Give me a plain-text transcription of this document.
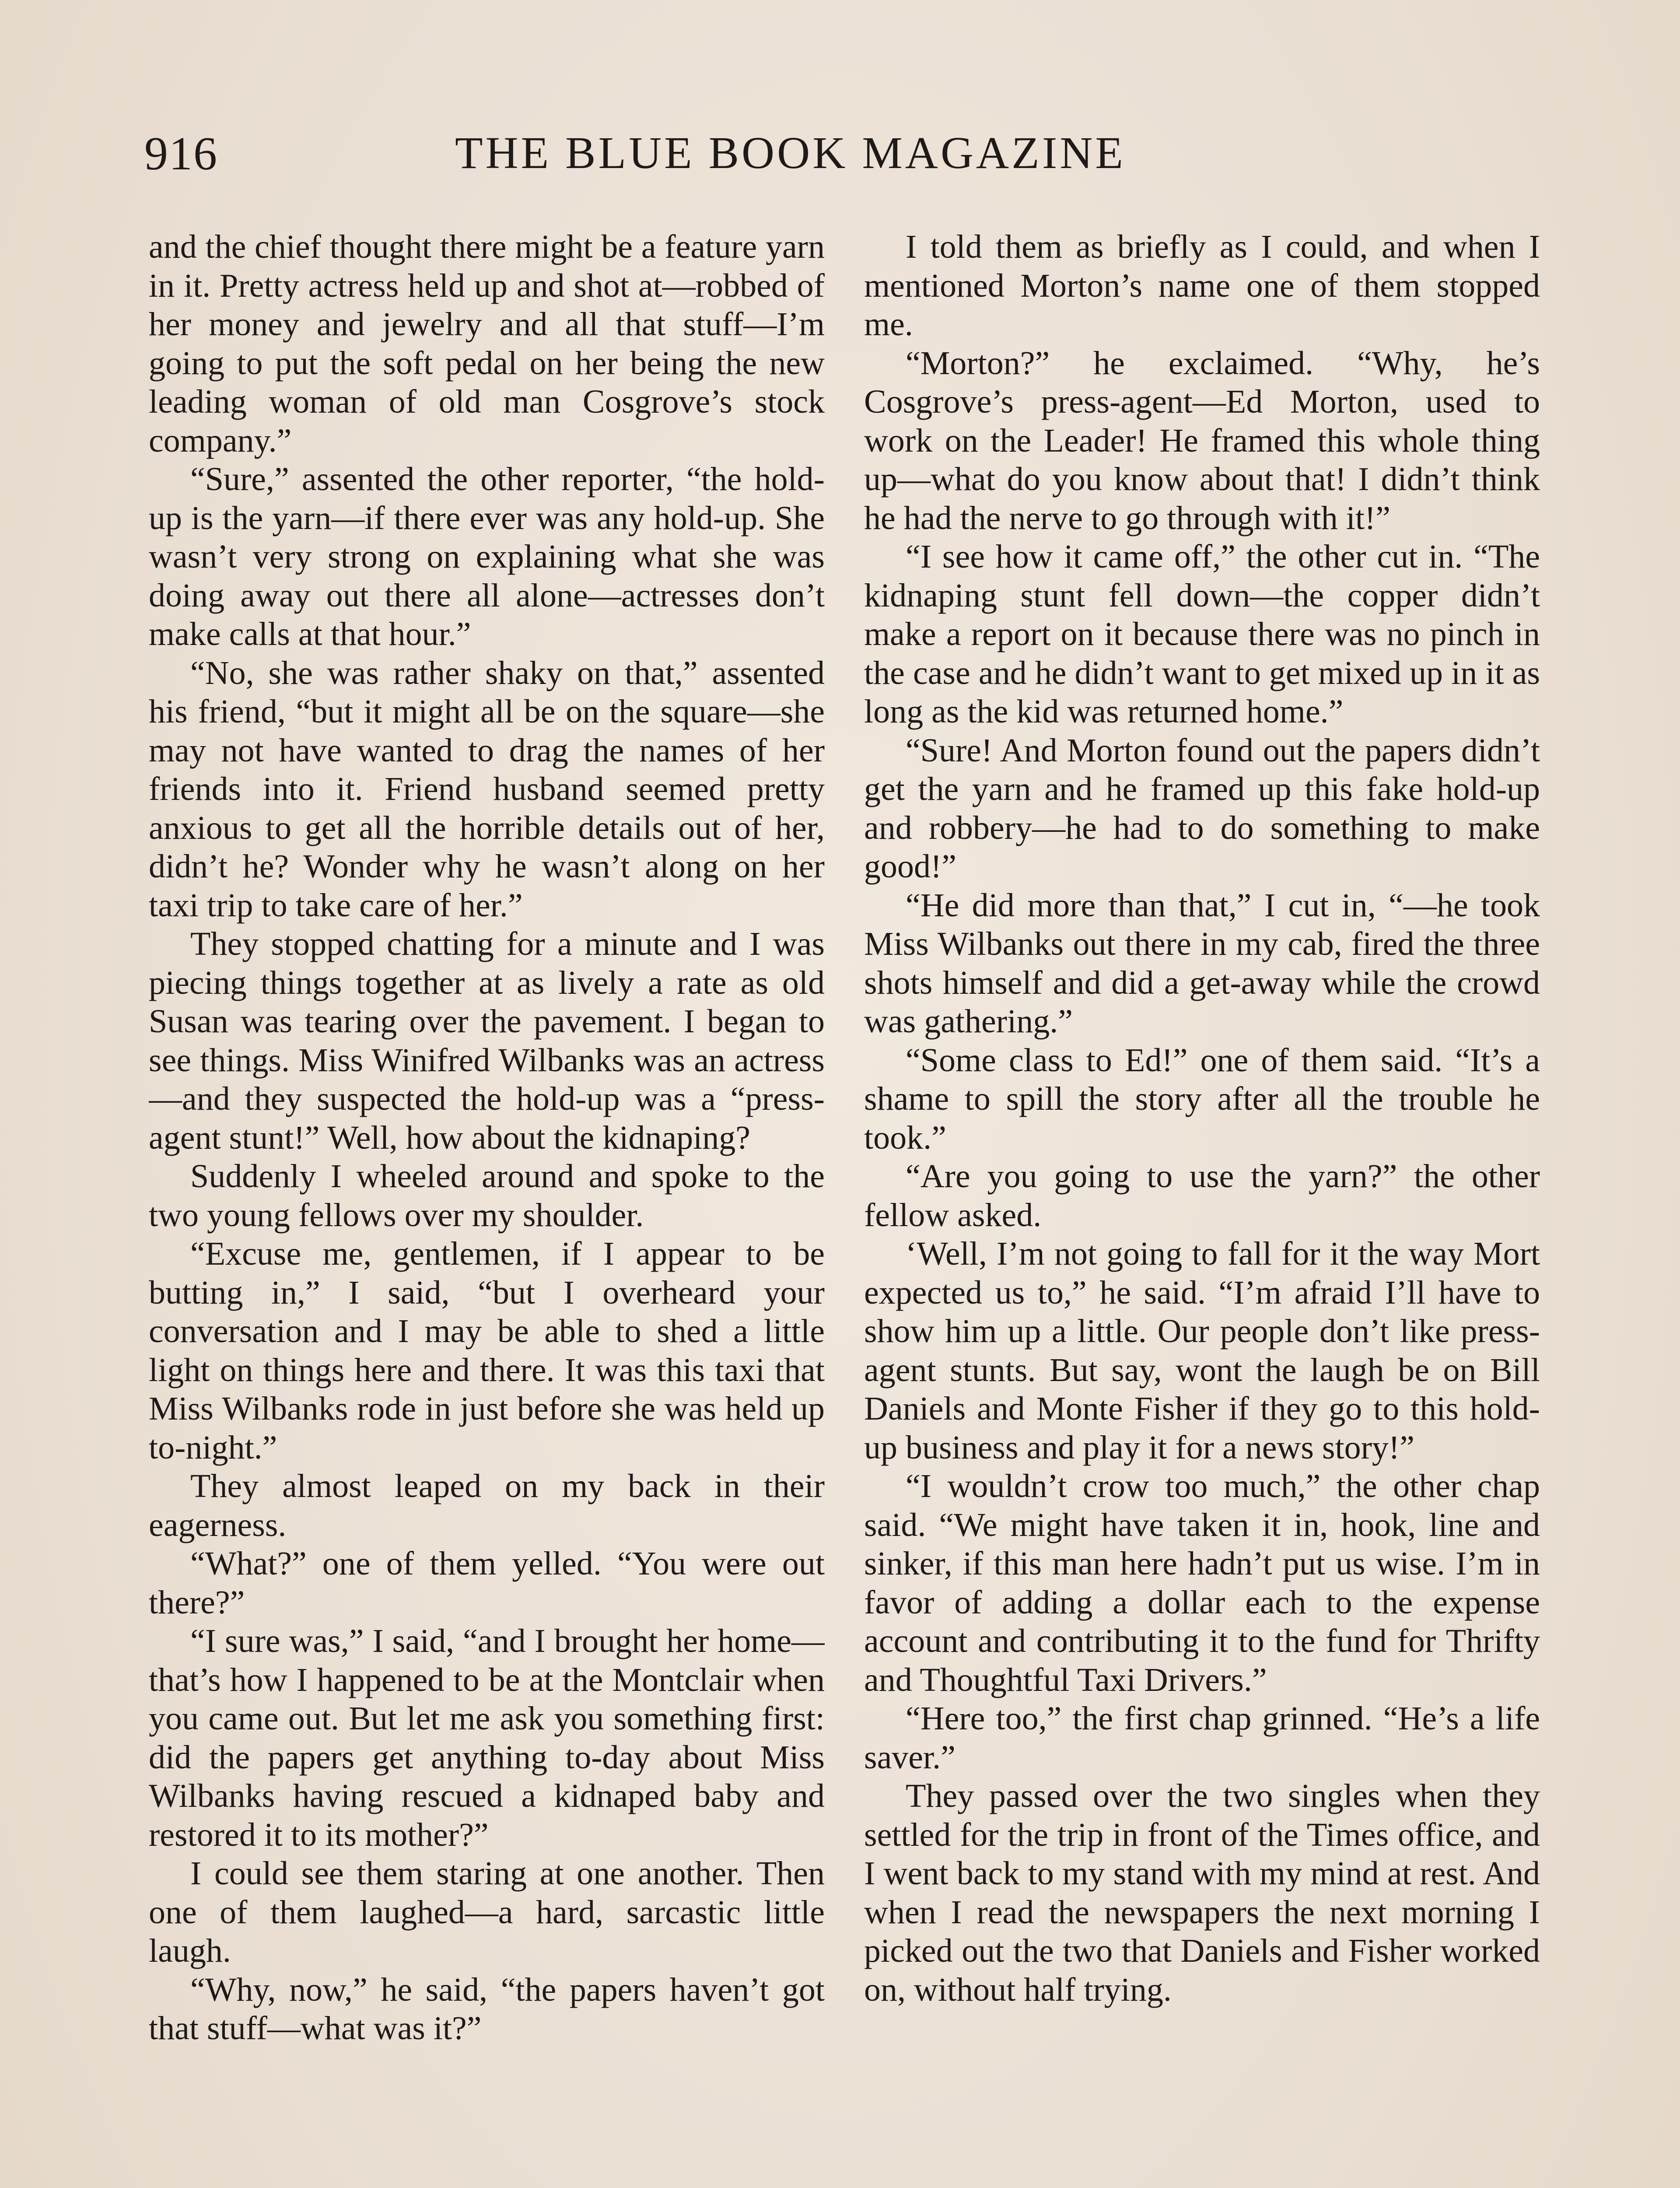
916	THE BLUE BOOK MAGAZINE

and the chief thought there might be a feature yarn in it. Pretty actress held up and shot at—robbed of her money and jewelry and all that stuff—I’m going to put the soft pedal on her being the new leading woman of old man Cosgrove’s stock company.”

“Sure,” assented the other reporter, “the hold-up is the yarn—if there ever was any hold-up. She wasn’t very strong on explaining what she was doing away out there all alone—actresses don’t make calls at that hour.”

“No, she was rather shaky on that,” assented his friend, “but it might all be on the square—she may not have wanted to drag the names of her friends into it. Friend husband seemed pretty anxious to get all the horrible details out of her, didn’t he? Wonder why he wasn’t along on her taxi trip to take care of her.”

They stopped chatting for a minute and I was piecing things together at as lively a rate as old Susan was tearing over the pavement. I began to see things. Miss Winifred Wilbanks was an actress—and they suspected the hold-up was a “press-agent stunt!” Well, how about the kidnaping?

Suddenly I wheeled around and spoke to the two young fellows over my shoulder.

“Excuse me, gentlemen, if I appear to be butting in,” I said, “but I overheard your conversation and I may be able to shed a little light on things here and there. It was this taxi that Miss Wilbanks rode in just before she was held up to-night.”

They almost leaped on my back in their eagerness.

“What?” one of them yelled. “You were out there?”

“I sure was,” I said, “and I brought her home—that’s how I happened to be at the Montclair when you came out. But let me ask you something first: did the papers get anything to-day about Miss Wilbanks having rescued a kidnaped baby and restored it to its mother?”

I could see them staring at one another. Then one of them laughed—a hard, sarcastic little laugh.

“Why, now,” he said, “the papers haven’t got that stuff—what was it?”

I told them as briefly as I could, and when I mentioned Morton’s name one of them stopped me.

“Morton?” he exclaimed. “Why, he’s Cosgrove’s press-agent—Ed Morton, used to work on the Leader! He framed this whole thing up—what do you know about that! I didn’t think he had the nerve to go through with it!”

“I see how it came off,” the other cut in. “The kidnaping stunt fell down—the copper didn’t make a report on it because there was no pinch in the case and he didn’t want to get mixed up in it as long as the kid was returned home.”

“Sure! And Morton found out the papers didn’t get the yarn and he framed up this fake hold-up and robbery—he had to do something to make good!”

“He did more than that,” I cut in, “—he took Miss Wilbanks out there in my cab, fired the three shots himself and did a get-away while the crowd was gathering.”

“Some class to Ed!” one of them said. “It’s a shame to spill the story after all the trouble he took.”

“Are you going to use the yarn?” the other fellow asked.

‘Well, I’m not going to fall for it the way Mort expected us to,” he said. “I’m afraid I’ll have to show him up a little. Our people don’t like press-agent stunts. But say, wont the laugh be on Bill Daniels and Monte Fisher if they go to this hold-up business and play it for a news story!”

“I wouldn’t crow too much,” the other chap said. “We might have taken it in, hook, line and sinker, if this man here hadn’t put us wise. I’m in favor of adding a dollar each to the expense account and contributing it to the fund for Thrifty and Thoughtful Taxi Drivers.”

“Here too,” the first chap grinned. “He’s a life saver.”

They passed over the two singles when they settled for the trip in front of the Times office, and I went back to my stand with my mind at rest. And when I read the newspapers the next morning I picked out the two that Daniels and Fisher worked on, without half trying.
